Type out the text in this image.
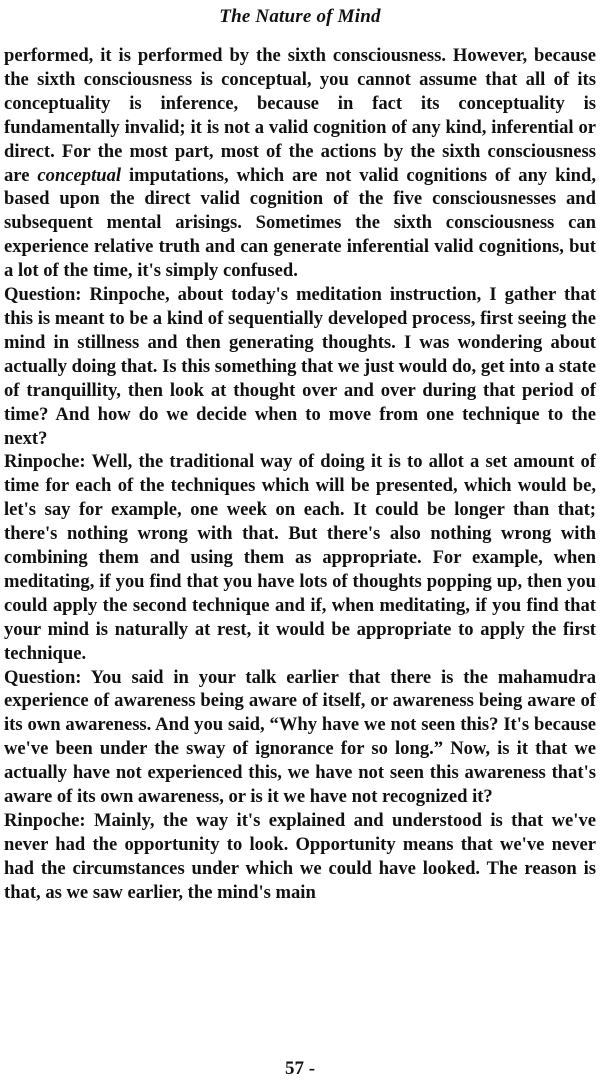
The Nature of Mind

performed, it is performed by the sixth consciousness. However, because the sixth consciousness is conceptual, you cannot assume that all of its conceptuality is inference, because in fact its conceptuality is fundamentally invalid; it is not a valid cognition of any kind, inferential or direct. For the most part, most of the actions by the sixth consciousness are conceptual imputations, which are not valid cognitions of any kind, based upon the direct valid cognition of the five consciousnesses and subsequent mental arisings. Sometimes the sixth consciousness can experience relative truth and can generate inferential valid cognitions, but a lot of the time, it's simply confused.

Question: Rinpoche, about today's meditation instruction, I gather that this is meant to be a kind of sequentially developed process, first seeing the mind in stillness and then generating thoughts. I was wondering about actually doing that. Is this something that we just would do, get into a state of tranquillity, then look at thought over and over during that period of time? And how do we decide when to move from one technique to the next?

Rinpoche: Well, the traditional way of doing it is to allot a set amount of time for each of the techniques which will be presented, which would be, let's say for example, one week on each. It could be longer than that; there's nothing wrong with that. But there's also nothing wrong with combining them and using them as appropriate. For example, when meditating, if you find that you have lots of thoughts popping up, then you could apply the second technique and if, when meditating, if you find that your mind is naturally at rest, it would be appropriate to apply the first technique.

Question: You said in your talk earlier that there is the mahamudra experience of awareness being aware of itself, or awareness being aware of its own awareness. And you said, “Why have we not seen this? It's because we've been under the sway of ignorance for so long.” Now, is it that we actually have not experienced this, we have not seen this awareness that's aware of its own awareness, or is it we have not recognized it?

Rinpoche: Mainly, the way it's explained and understood is that we've never had the opportunity to look. Opportunity means that we've never had the circumstances under which we could have looked. The reason is that, as we saw earlier, the mind's main

57 -
